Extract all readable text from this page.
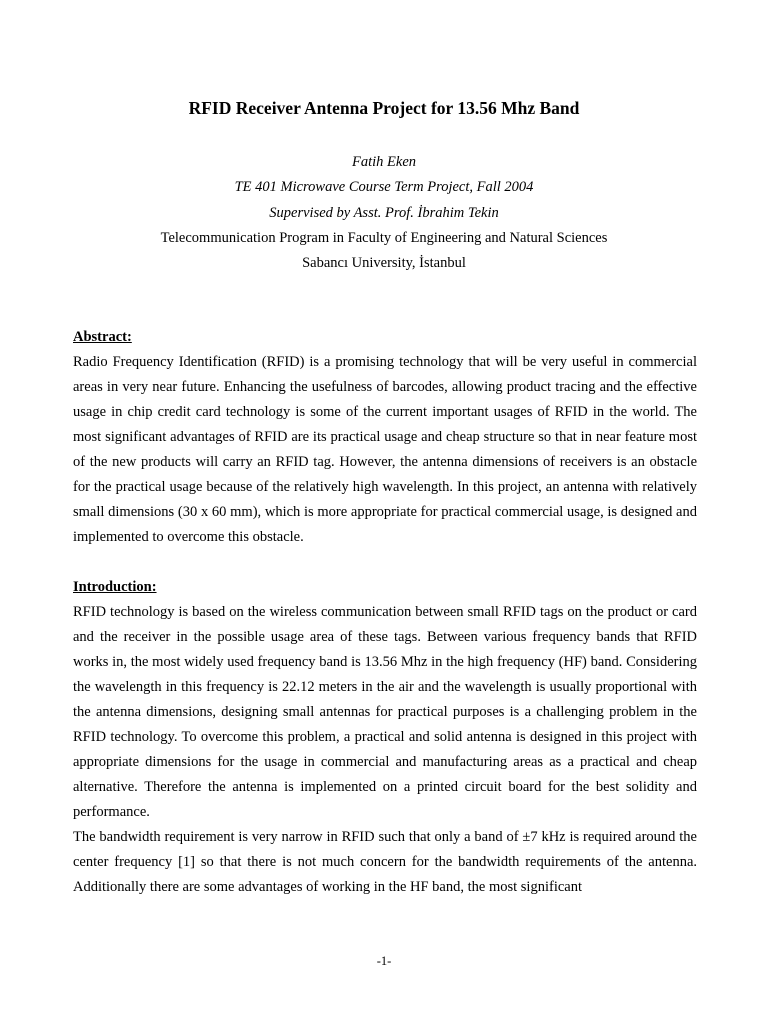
RFID Receiver Antenna Project for 13.56 Mhz Band
Fatih Eken
TE 401 Microwave Course Term Project, Fall 2004
Supervised by Asst. Prof. İbrahim Tekin
Telecommunication Program in Faculty of Engineering and Natural Sciences
Sabancı University, İstanbul
Abstract:

Radio Frequency Identification (RFID) is a promising technology that will be very useful in commercial areas in very near future. Enhancing the usefulness of barcodes, allowing product tracing and the effective usage in chip credit card technology is some of the current important usages of RFID in the world. The most significant advantages of RFID are its practical usage and cheap structure so that in near feature most of the new products will carry an RFID tag. However, the antenna dimensions of receivers is an obstacle for the practical usage because of the relatively high wavelength. In this project, an antenna with relatively small dimensions (30 x 60 mm), which is more appropriate for practical commercial usage, is designed and implemented to overcome this obstacle.

Introduction:

RFID technology is based on the wireless communication between small RFID tags on the product or card and the receiver in the possible usage area of these tags. Between various frequency bands that RFID works in, the most widely used frequency band is 13.56 Mhz in the high frequency (HF) band. Considering the wavelength in this frequency is 22.12 meters in the air and the wavelength is usually proportional with the antenna dimensions, designing small antennas for practical purposes is a challenging problem in the RFID technology. To overcome this problem, a practical and solid antenna is designed in this project with appropriate dimensions for the usage in commercial and manufacturing areas as a practical and cheap alternative. Therefore the antenna is implemented on a printed circuit board for the best solidity and performance.

The bandwidth requirement is very narrow in RFID such that only a band of ±7 kHz is required around the center frequency [1] so that there is not much concern for the bandwidth requirements of the antenna. Additionally there are some advantages of working in the HF band, the most significant

-1-
